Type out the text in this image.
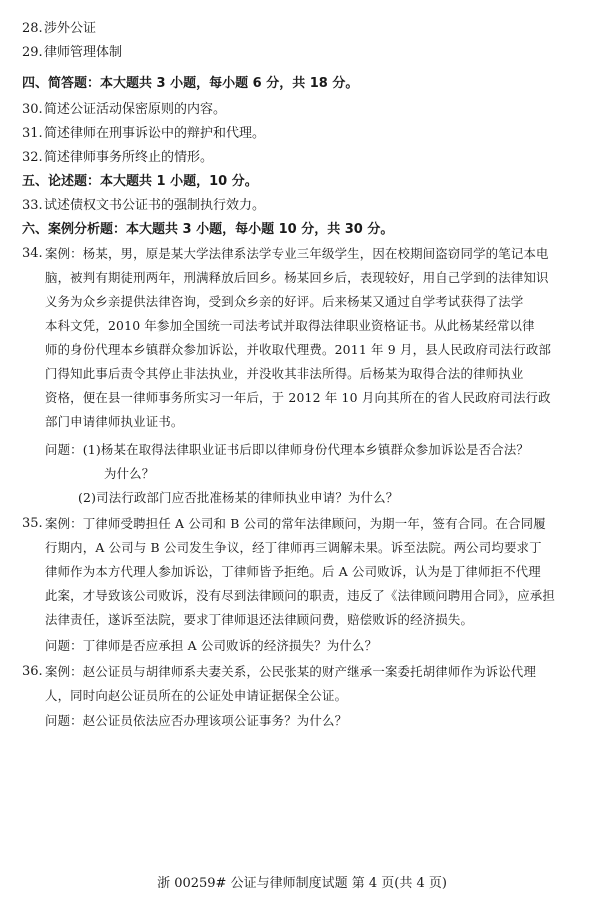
28.涉外公证
29.律师管理体制
四、简答题：本大题共 3 小题，每小题 6 分，共 18 分。
30.简述公证活动保密原则的内容。
31.简述律师在刑事诉讼中的辩护和代理。
32.简述律师事务所终止的情形。
五、论述题：本大题共 1 小题，10 分。
33.试述债权文书公证书的强制执行效力。
六、案例分析题：本大题共 3 小题，每小题 10 分，共 30 分。
34. 案例：杨某，男，原是某大学法律系法学专业三年级学生，因在校期间盗窃同学的笔记本电
脑，被判有期徒刑两年，刑满释放后回乡。杨某回乡后，表现较好，用自己学到的法律知识
义务为众乡亲提供法律咨询，受到众乡亲的好评。后来杨某又通过自学考试获得了法学
本科文凭，2010 年参加全国统一司法考试并取得法律职业资格证书。从此杨某经常以律
师的身份代理本乡镇群众参加诉讼，并收取代理费。2011 年 9 月，县人民政府司法行政部
门得知此事后责令其停止非法执业，并没收其非法所得。后杨某为取得合法的律师执业
资格，便在县一律师事务所实习一年后，于 2012 年 10 月向其所在的省人民政府司法行政
部门申请律师执业证书。
问题：(1)杨某在取得法律职业证书后即以律师身份代理本乡镇群众参加诉讼是否合法？
为什么？
(2)司法行政部门应否批准杨某的律师执业申请？为什么？
35. 案例：丁律师受聘担任 A 公司和 B 公司的常年法律顾问，为期一年，签有合同。在合同履
行期内，A 公司与 B 公司发生争议，经丁律师再三调解未果。诉至法院。两公司均要求丁
律师作为本方代理人参加诉讼，丁律师皆予拒绝。后 A 公司败诉，认为是丁律师拒不代理
此案，才导致该公司败诉，没有尽到法律顾问的职责，违反了《法律顾问聘用合同》，应承担
法律责任，遂诉至法院，要求丁律师退还法律顾问费，赔偿败诉的经济损失。
问题：丁律师是否应承担 A 公司败诉的经济损失？为什么？
36. 案例：赵公证员与胡律师系夫妻关系，公民张某的财产继承一案委托胡律师作为诉讼代理
人，同时向赵公证员所在的公证处申请证据保全公证。
问题：赵公证员依法应否办理该项公证事务？为什么？
浙 00259# 公证与律师制度试题 第 4 页(共 4 页)
